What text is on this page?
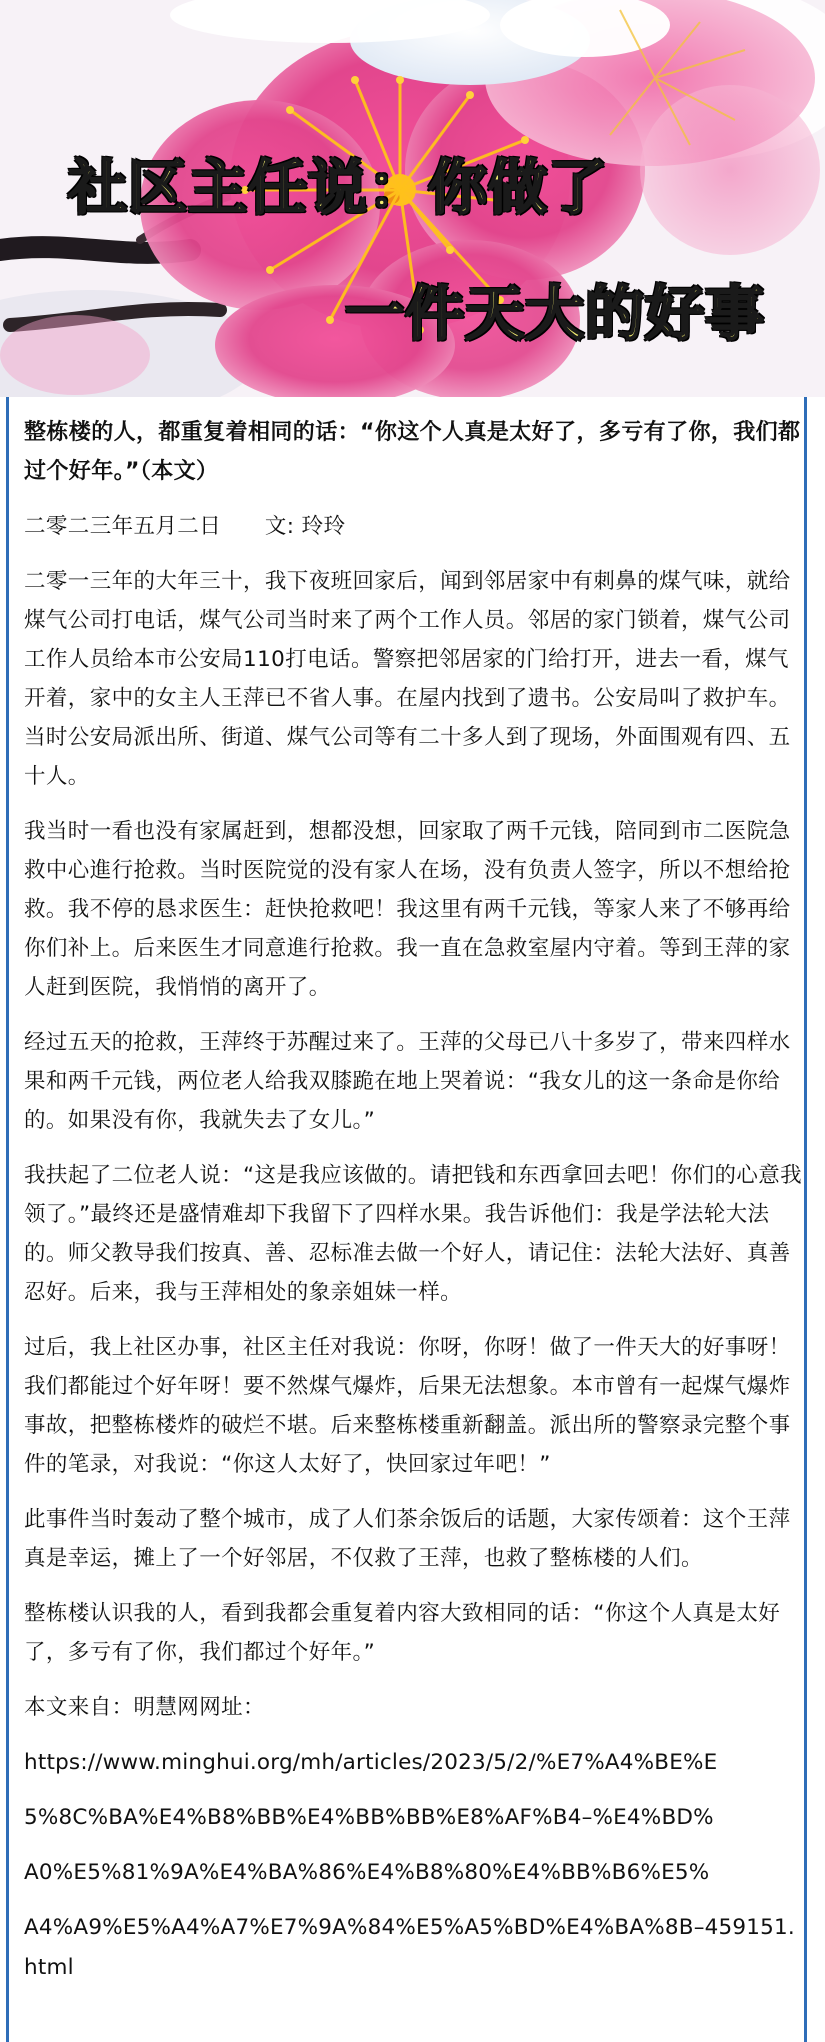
社区主任说：你做了
一件天大的好事

整栋楼的人，都重复着相同的话：“你这个人真是太好了，多亏有了你，我们都过个好年。”（本文）

二零二三年五月二日　　文: 玲玲

二零一三年的大年三十，我下夜班回家后，闻到邻居家中有刺鼻的煤气味，就给煤气公司打电话，煤气公司当时来了两个工作人员。邻居的家门锁着，煤气公司工作人员给本市公安局110打电话。警察把邻居家的门给打开，进去一看，煤气开着，家中的女主人王萍已不省人事。在屋内找到了遗书。公安局叫了救护车。当时公安局派出所、街道、煤气公司等有二十多人到了现场，外面围观有四、五十人。

我当时一看也没有家属赶到，想都没想，回家取了两千元钱，陪同到市二医院急救中心進行抢救。当时医院觉的没有家人在场，没有负责人签字，所以不想给抢救。我不停的恳求医生：赶快抢救吧！我这里有两千元钱，等家人来了不够再给你们补上。后来医生才同意進行抢救。我一直在急救室屋内守着。等到王萍的家人赶到医院，我悄悄的离开了。

经过五天的抢救，王萍终于苏醒过来了。王萍的父母已八十多岁了，带来四样水果和两千元钱，两位老人给我双膝跪在地上哭着说：“我女儿的这一条命是你给的。如果没有你，我就失去了女儿。”

我扶起了二位老人说：“这是我应该做的。请把钱和东西拿回去吧！你们的心意我领了。”最终还是盛情难却下我留下了四样水果。我告诉他们：我是学法轮大法的。师父教导我们按真、善、忍标准去做一个好人，请记住：法轮大法好、真善忍好。后来，我与王萍相处的象亲姐妹一样。

过后，我上社区办事，社区主任对我说：你呀，你呀！做了一件天大的好事呀！我们都能过个好年呀！要不然煤气爆炸，后果无法想象。本市曾有一起煤气爆炸事故，把整栋楼炸的破烂不堪。后来整栋楼重新翻盖。派出所的警察录完整个事件的笔录，对我说：“你这人太好了，快回家过年吧！”

此事件当时轰动了整个城市，成了人们茶余饭后的话题，大家传颂着：这个王萍真是幸运，摊上了一个好邻居，不仅救了王萍，也救了整栋楼的人们。

整栋楼认识我的人，看到我都会重复着内容大致相同的话：“你这个人真是太好了，多亏有了你，我们都过个好年。”

本文来自：明慧网网址：

https://www.minghui.org/mh/articles/2023/5/2/%E7%A4%BE%E

5%8C%BA%E4%B8%BB%E4%BB%BB%E8%AF%B4–%E4%BD%

A0%E5%81%9A%E4%BA%86%E4%B8%80%E4%BB%B6%E5%

A4%A9%E5%A4%A7%E7%9A%84%E5%A5%BD%E4%BA%8B–459151.html
